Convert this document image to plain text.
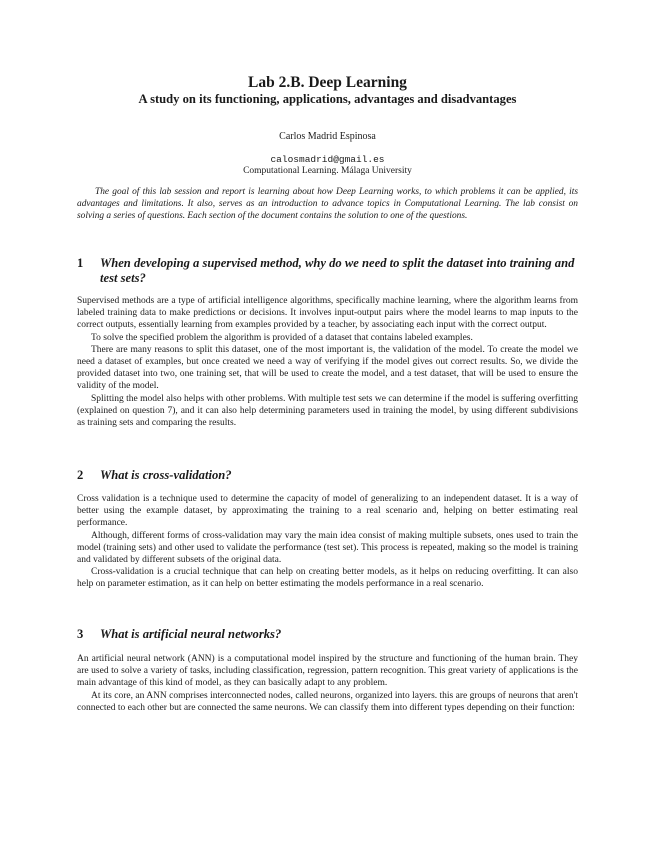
Lab 2.B. Deep Learning
A study on its functioning, applications, advantages and disadvantages
Carlos Madrid Espinosa
calosmadrid@gmail.es
Computational Learning. Málaga University

The goal of this lab session and report is learning about how Deep Learning works, to which problems it can be applied, its advantages and limitations. It also, serves as an introduction to advance topics in Computational Learning. The lab consist on solving a series of questions. Each section of the document contains the solution to one of the questions.

1 When developing a supervised method, why do we need to split the dataset into training and test sets?

Supervised methods are a type of artificial intelligence algorithms, specifically machine learning, where the algorithm learns from labeled training data to make predictions or decisions. It involves input-output pairs where the model learns to map inputs to the correct outputs, essentially learning from examples provided by a teacher, by associating each input with the correct output.

To solve the specified problem the algorithm is provided of a dataset that contains labeled examples.

There are many reasons to split this dataset, one of the most important is, the validation of the model. To create the model we need a dataset of examples, but once created we need a way of verifying if the model gives out correct results. So, we divide the provided dataset into two, one training set, that will be used to create the model, and a test dataset, that will be used to ensure the validity of the model.

Splitting the model also helps with other problems. With multiple test sets we can determine if the model is suffering overfitting (explained on question 7), and it can also help determining parameters used in training the model, by using different subdivisions as training sets and comparing the results.

2 What is cross-validation?

Cross validation is a technique used to determine the capacity of model of generalizing to an independent dataset. It is a way of better using the example dataset, by approximating the training to a real scenario and, helping on better estimating real performance.

Although, different forms of cross-validation may vary the main idea consist of making multiple subsets, ones used to train the model (training sets) and other used to validate the performance (test set). This process is repeated, making so the model is training and validated by different subsets of the original data.

Cross-validation is a crucial technique that can help on creating better models, as it helps on reducing overfitting. It can also help on parameter estimation, as it can help on better estimating the models performance in a real scenario.

3 What is artificial neural networks?

An artificial neural network (ANN) is a computational model inspired by the structure and functioning of the human brain. They are used to solve a variety of tasks, including classification, regression, pattern recognition. This great variety of applications is the main advantage of this kind of model, as they can basically adapt to any problem.

At its core, an ANN comprises interconnected nodes, called neurons, organized into layers. this are groups of neurons that aren't connected to each other but are connected the same neurons. We can classify them into different types depending on their function:
